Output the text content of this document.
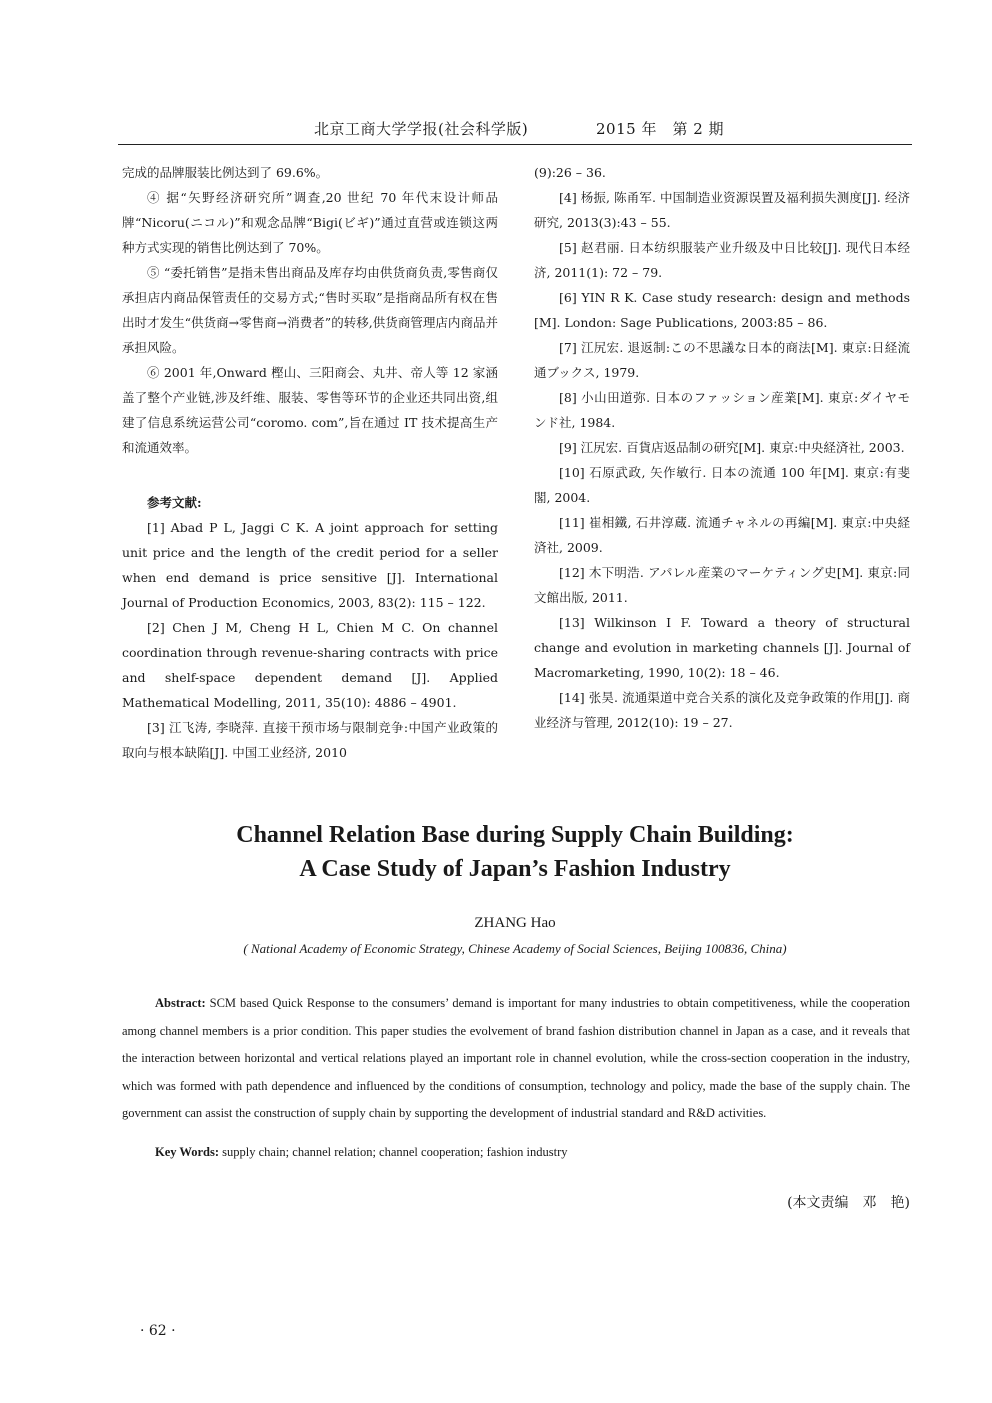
北京工商大学学报(社会科学版)	2015 年　第 2 期

完成的品牌服装比例达到了 69.6%。

④ 据“矢野经济研究所”调查,20 世纪 70 年代末设计师品牌“Nicoru(ニコル)”和观念品牌“Bigi(ビギ)”通过直营或连锁这两种方式实现的销售比例达到了 70%。

⑤ “委托销售”是指未售出商品及库存均由供货商负责,零售商仅承担店内商品保管责任的交易方式;“售时买取”是指商品所有权在售出时才发生“供货商→零售商→消费者”的转移,供货商管理店内商品并承担风险。

⑥ 2001 年,Onward 樫山、三阳商会、丸井、帝人等 12 家涵盖了整个产业链,涉及纤维、服装、零售等环节的企业还共同出资,组建了信息系统运营公司“coromo. com”,旨在通过 IT 技术提高生产和流通效率。

参考文献:

[1] Abad P L, Jaggi C K. A joint approach for setting unit price and the length of the credit period for a seller when end demand is price sensitive [J]. International Journal of Production Economics, 2003, 83(2): 115 – 122.

[2] Chen J M, Cheng H L, Chien M C. On channel coordination through revenue-sharing contracts with price and shelf-space dependent demand [J]. Applied Mathematical Modelling, 2011, 35(10): 4886 – 4901.

[3] 江飞涛, 李晓萍. 直接干预市场与限制竞争:中国产业政策的取向与根本缺陷[J]. 中国工业经济, 2010

(9):26 – 36.

[4] 杨振, 陈甬军. 中国制造业资源误置及福利损失测度[J]. 经济研究, 2013(3):43 – 55.

[5] 赵君丽. 日本纺织服装产业升级及中日比较[J]. 现代日本经济, 2011(1): 72 – 79.

[6] YIN R K. Case study research: design and methods [M]. London: Sage Publications, 2003:85 – 86.

[7] 江尻宏. 退返制:この不思議な日本的商法[M]. 東京:日経流通ブックス, 1979.

[8] 小山田道弥. 日本のファッション産業[M]. 東京:ダイヤモンド社, 1984.

[9] 江尻宏. 百貨店返品制の研究[M]. 東京:中央経済社, 2003.

[10] 石原武政, 矢作敏行. 日本の流通 100 年[M]. 東京:有斐閣, 2004.

[11] 崔相鐵, 石井淳蔵. 流通チャネルの再編[M]. 東京:中央経済社, 2009.

[12] 木下明浩. アパレル産業のマーケティング史[M]. 東京:同文館出版, 2011.

[13] Wilkinson I F. Toward a theory of structural change and evolution in marketing channels [J]. Journal of Macromarketing, 1990, 10(2): 18 – 46.

[14] 张昊. 流通渠道中竞合关系的演化及竞争政策的作用[J]. 商业经济与管理, 2012(10): 19 – 27.

Channel Relation Base during Supply Chain Building:
A Case Study of Japan’s Fashion Industry
ZHANG Hao
( National Academy of Economic Strategy, Chinese Academy of Social Sciences, Beijing 100836, China)

Abstract: SCM based Quick Response to the consumers’ demand is important for many industries to obtain competitiveness, while the cooperation among channel members is a prior condition. This paper studies the evolvement of brand fashion distribution channel in Japan as a case, and it reveals that the interaction between horizontal and vertical relations played an important role in channel evolution, while the cross-section cooperation in the industry, which was formed with path dependence and influenced by the conditions of consumption, technology and policy, made the base of the supply chain. The government can assist the construction of supply chain by supporting the development of industrial standard and R&D activities.

Key Words: supply chain; channel relation; channel cooperation; fashion industry

(本文责编　邓　艳)
· 62 ·
